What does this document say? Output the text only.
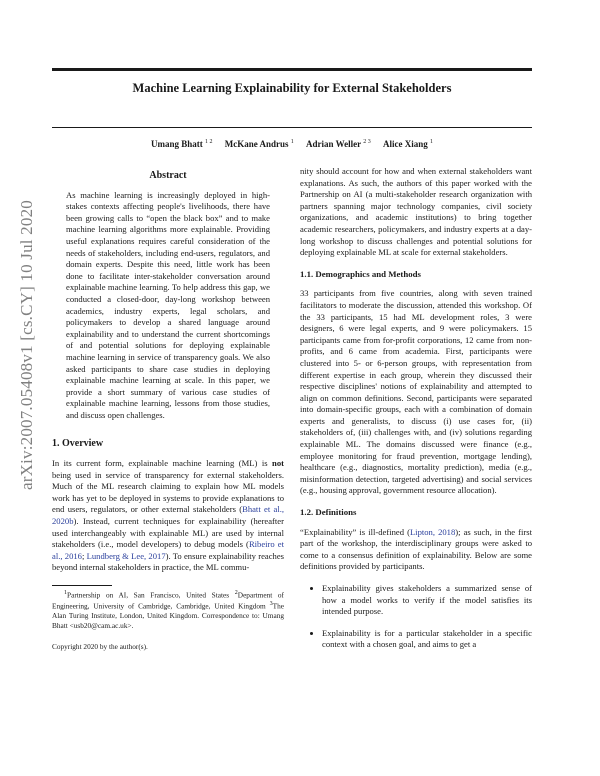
Machine Learning Explainability for External Stakeholders
Umang Bhatt $^{1 2}$ McKane Andrus $^1$ Adrian Weller $^{2 3}$ Alice Xiang $^1$
arXiv:2007.05408v1 [cs.CY] 10 Jul 2020
Abstract

As machine learning is increasingly deployed in high-stakes contexts affecting people's livelihoods, there have been growing calls to “open the black box” and to make machine learning algorithms more explainable. Providing useful explanations requires careful consideration of the needs of stakeholders, including end-users, regulators, and domain experts. Despite this need, little work has been done to facilitate inter-stakeholder conversation around explainable machine learning. To help address this gap, we conducted a closed-door, day-long workshop between academics, industry experts, legal scholars, and policymakers to develop a shared language around explainability and to understand the current shortcomings of and potential solutions for deploying explainable machine learning in service of transparency goals. We also asked participants to share case studies in deploying explainable machine learning at scale. In this paper, we provide a short summary of various case studies of explainable machine learning, lessons from those studies, and discuss open challenges.

1. Overview

In its current form, explainable machine learning (ML) is not being used in service of transparency for external stakeholders. Much of the ML research claiming to explain how ML models work has yet to be deployed in systems to provide explanations to end users, regulators, or other external stakeholders (Bhatt et al., 2020b). Instead, current techniques for explainability (hereafter used interchangeably with explainable ML) are used by internal stakeholders (i.e., model developers) to debug models (Ribeiro et al., 2016; Lundberg & Lee, 2017). To ensure explainability reaches beyond internal stakeholders in practice, the ML commu-

$^1$Partnership on AI, San Francisco, United States $^2$Department of Engineering, University of Cambridge, Cambridge, United Kingdom $^3$The Alan Turing Institute, London, United Kingdom. Correspondence to: Umang Bhatt <usb20@cam.ac.uk>.

Copyright 2020 by the author(s).

nity should account for how and when external stakeholders want explanations. As such, the authors of this paper worked with the Partnership on AI (a multi-stakeholder research organization with partners spanning major technology companies, civil society organizations, and academic institutions) to bring together academic researchers, policymakers, and industry experts at a day-long workshop to discuss challenges and potential solutions for deploying explainable ML at scale for external stakeholders.

1.1. Demographics and Methods

33 participants from five countries, along with seven trained facilitators to moderate the discussion, attended this workshop. Of the 33 participants, 15 had ML development roles, 3 were designers, 6 were legal experts, and 9 were policymakers. 15 participants came from for-profit corporations, 12 came from non-profits, and 6 came from academia. First, participants were clustered into 5- or 6-person groups, with representation from different expertise in each group, wherein they discussed their respective disciplines' notions of explainability and attempted to align on common definitions. Second, participants were separated into domain-specific groups, each with a combination of domain experts and generalists, to discuss (i) use cases for, (ii) stakeholders of, (iii) challenges with, and (iv) solutions regarding explainable ML. The domains discussed were finance (e.g., employee monitoring for fraud prevention, mortgage lending), healthcare (e.g., diagnostics, mortality prediction), media (e.g., misinformation detection, targeted advertising) and social services (e.g., housing approval, government resource allocation).

1.2. Definitions

“Explainability” is ill-defined (Lipton, 2018); as such, in the first part of the workshop, the interdisciplinary groups were asked to come to a consensus definition of explainability. Below are some definitions provided by participants.

• Explainability gives stakeholders a summarized sense of how a model works to verify if the model satisfies its intended purpose.
• Explainability is for a particular stakeholder in a specific context with a chosen goal, and aims to get a
